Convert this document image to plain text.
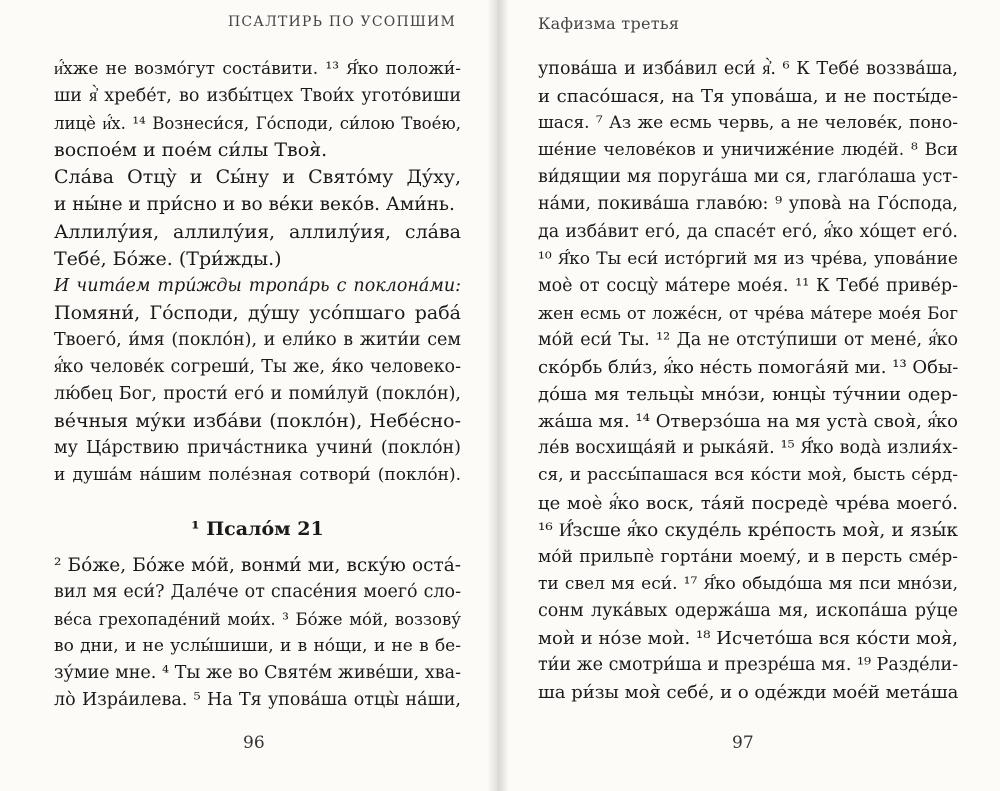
ПСАЛТИРЬ ПО УСОПШИМ
и҆́хже не возмо́гут соста́вити. ¹³ Я҆́ко положи́-
ши я҆̀ хребе́т, во избы́тцех Твои́х угото́виши
лицѐ и҆́х. ¹⁴ Вознеси́ся, Го́споди, си́лою Твое́ю,
воспое́м и пое́м си́лы Твоя̀.
Сла́ва Отцу̀ и Сы́ну и Свято́му Ду́ху,
и ны́не и при́сно и во ве́ки веко́в. Ами́нь.
Аллилу́ия, аллилу́ия, аллилу́ия, сла́ва
Тебе́, Бо́же. (Три́жды.)
И чита́ем три́жды тропа́рь с поклона́ми:
Помяни́, Го́споди, ду́шу усо́пшаго раба́
Твоего́, и́мя (покло́н), и ели́ко в жити́и сем
я҆́ко челове́к согреши́, Ты же, я́ко человеко-
лю́бец Бог, прости́ его́ и поми́луй (покло́н),
ве́чныя му́ки изба́ви (покло́н), Небе́сно-
му Ца́рствию прича́стника учини́ (покло́н)
и душа́м на́шим поле́зная сотвори́ (покло́н).
¹ Псало́м 21
² Бо́же, Бо́же мо́й, вонми́ ми, вску́ю оста́-
вил мя еси́? Дале́че от спасе́ния моего́ сло-
ве́са грехопаде́ний мои́х. ³ Бо́же мо́й, воззову́
во дни, и не услы́шиши, и в но́щи, и не в бе-
зу́мие мне. ⁴ Ты же во Святе́м живе́ши, хва-
ло̀ Изра́илева. ⁵ На Тя упова́ша отцы̀ на́ши,
96
Кафизма третья
упова́ша и изба́вил еси́ я҆̀. ⁶ К Тебе́ воззва́ша,
и спасо́шася, на Тя упова́ша, и не посты́де-
шася. ⁷ Аз же есмь червь, а не челове́к, поно-
ше́ние челове́ков и уничиже́ние люде́й. ⁸ Вси
ви́дящии мя поруга́ша ми ся, глаго́лаша уст-
на́ми, покива́ша главо́ю: ⁹ упова̀ на Го́спода,
да изба́вит его́, да спасе́т его́, я҆́ко хо́щет его́.
¹⁰ Я҆́ко Ты еси́ исто́ргий мя из чре́ва, упова́ние
моѐ от сосцу̀ ма́тере мое́я. ¹¹ К Тебе́ приве́р-
жен есмь от ложе́сн, от чре́ва ма́тере мое́я Бог
мо́й еси́ Ты. ¹² Да не отсту́пиши от мене́, я҆́ко
ско́рбь бли́з, я҆́ко не́сть помога́яй ми. ¹³ Обы-
до́ша мя тельцы̀ мно́зи, юнцы̀ ту́чнии одер-
жа́ша мя. ¹⁴ Отверзо́ша на мя уста̀ своя̀, я҆́ко
ле́в восхища́яй и рыка́яй. ¹⁵ Я҆́ко вода̀ излия́х-
ся, и рассы́пашася вся ко́сти моя̀, бысть се́рд-
це моѐ я҆́ко воск, та́яй посредѐ чре́ва моего́.
¹⁶ И҆́зсше я҆́ко скуде́ль кре́пость моя̀, и язы́к
мо́й прильпѐ горта́ни моему́, и в персть сме́р-
ти свел мя еси́. ¹⁷ Я҆́ко обыдо́ша мя пси мно́зи,
сонм лука́вых одержа́ша мя, ископа́ша ру́це
моѝ и но́зе моѝ. ¹⁸ Исчето́ша вся ко́сти моя̀,
ти́и же смотри́ша и презре́ша мя. ¹⁹ Разде́ли-
ша ри́зы моя̀ себе́, и о оде́жди мое́й мета́ша
97
